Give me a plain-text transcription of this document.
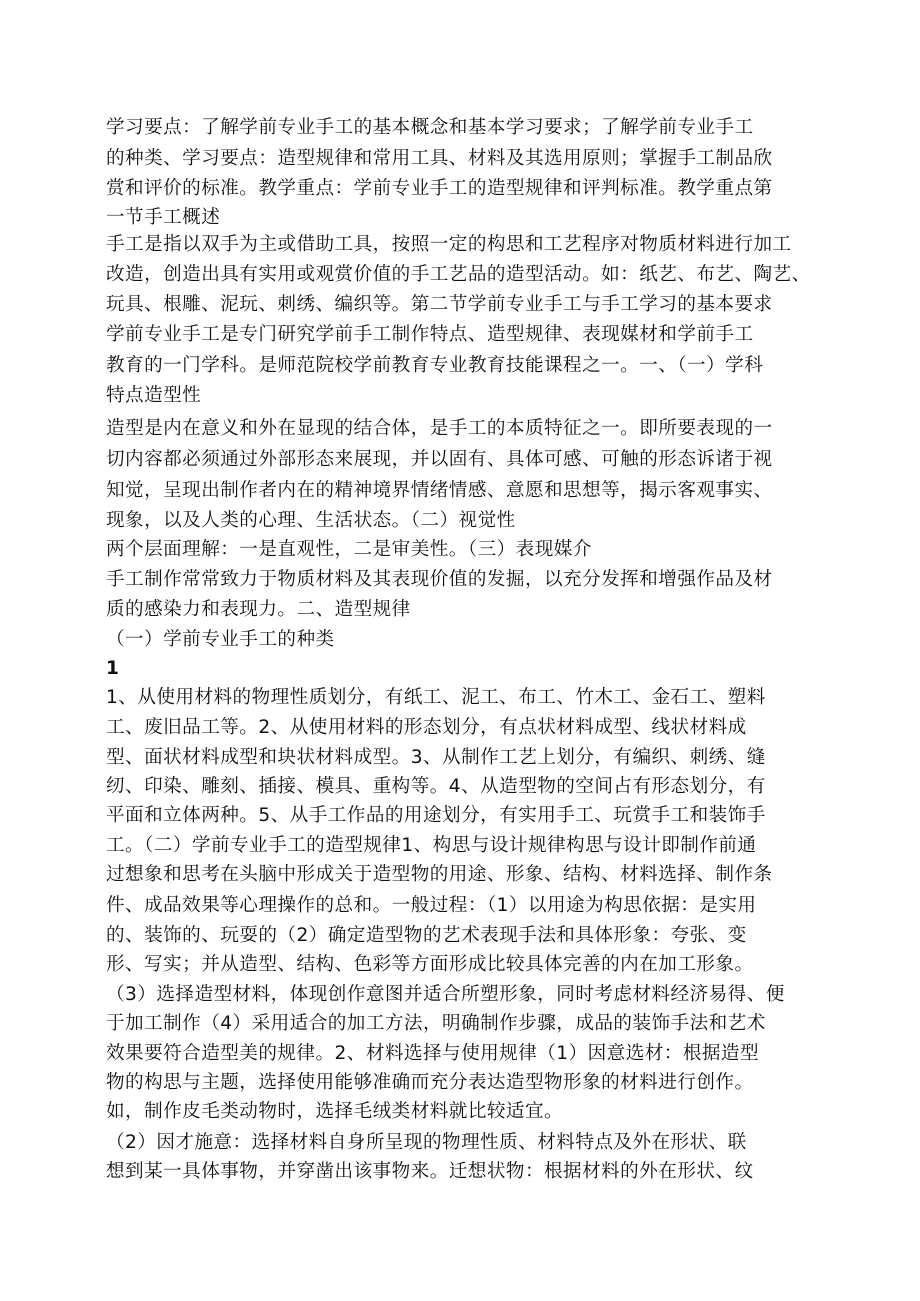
学习要点：了解学前专业手工的基本概念和基本学习要求；了解学前专业手工
的种类、学习要点：造型规律和常用工具、材料及其选用原则；掌握手工制品欣
赏和评价的标准。教学重点：学前专业手工的造型规律和评判标准。教学重点第
一节手工概述
手工是指以双手为主或借助工具，按照一定的构思和工艺程序对物质材料进行加工
改造，创造出具有实用或观赏价值的手工艺品的造型活动。如：纸艺、布艺、陶艺、
玩具、根雕、泥玩、刺绣、编织等。第二节学前专业手工与手工学习的基本要求
学前专业手工是专门研究学前手工制作特点、造型规律、表现媒材和学前手工
教育的一门学科。是师范院校学前教育专业教育技能课程之一。一、（一）学科
特点造型性
造型是内在意义和外在显现的结合体，是手工的本质特征之一。即所要表现的一
切内容都必须通过外部形态来展现，并以固有、具体可感、可触的形态诉诸于视
知觉，呈现出制作者内在的精神境界情绪情感、意愿和思想等，揭示客观事实、
现象，以及人类的心理、生活状态。（二）视觉性
两个层面理解：一是直观性，二是审美性。（三）表现媒介
手工制作常常致力于物质材料及其表现价值的发掘，以充分发挥和增强作品及材
质的感染力和表现力。二、造型规律
（一）学前专业手工的种类
1
1、从使用材料的物理性质划分，有纸工、泥工、布工、竹木工、金石工、塑料
工、废旧品工等。2、从使用材料的形态划分，有点状材料成型、线状材料成
型、面状材料成型和块状材料成型。3、从制作工艺上划分，有编织、刺绣、缝
纫、印染、雕刻、插接、模具、重构等。4、从造型物的空间占有形态划分，有
平面和立体两种。5、从手工作品的用途划分，有实用手工、玩赏手工和装饰手
工。（二）学前专业手工的造型规律1、构思与设计规律构思与设计即制作前通
过想象和思考在头脑中形成关于造型物的用途、形象、结构、材料选择、制作条
件、成品效果等心理操作的总和。一般过程：（1）以用途为构思依据：是实用
的、装饰的、玩耍的（2）确定造型物的艺术表现手法和具体形象：夸张、变
形、写实；并从造型、结构、色彩等方面形成比较具体完善的内在加工形象。
（3）选择造型材料，体现创作意图并适合所塑形象，同时考虑材料经济易得、便
于加工制作（4）采用适合的加工方法，明确制作步骤，成品的装饰手法和艺术
效果要符合造型美的规律。2、材料选择与使用规律（1）因意选材：根据造型
物的构思与主题，选择使用能够准确而充分表达造型物形象的材料进行创作。
如，制作皮毛类动物时，选择毛绒类材料就比较适宜。
（2）因才施意：选择材料自身所呈现的物理性质、材料特点及外在形状、联
想到某一具体事物，并穿凿出该事物来。迁想状物：根据材料的外在形状、纹
